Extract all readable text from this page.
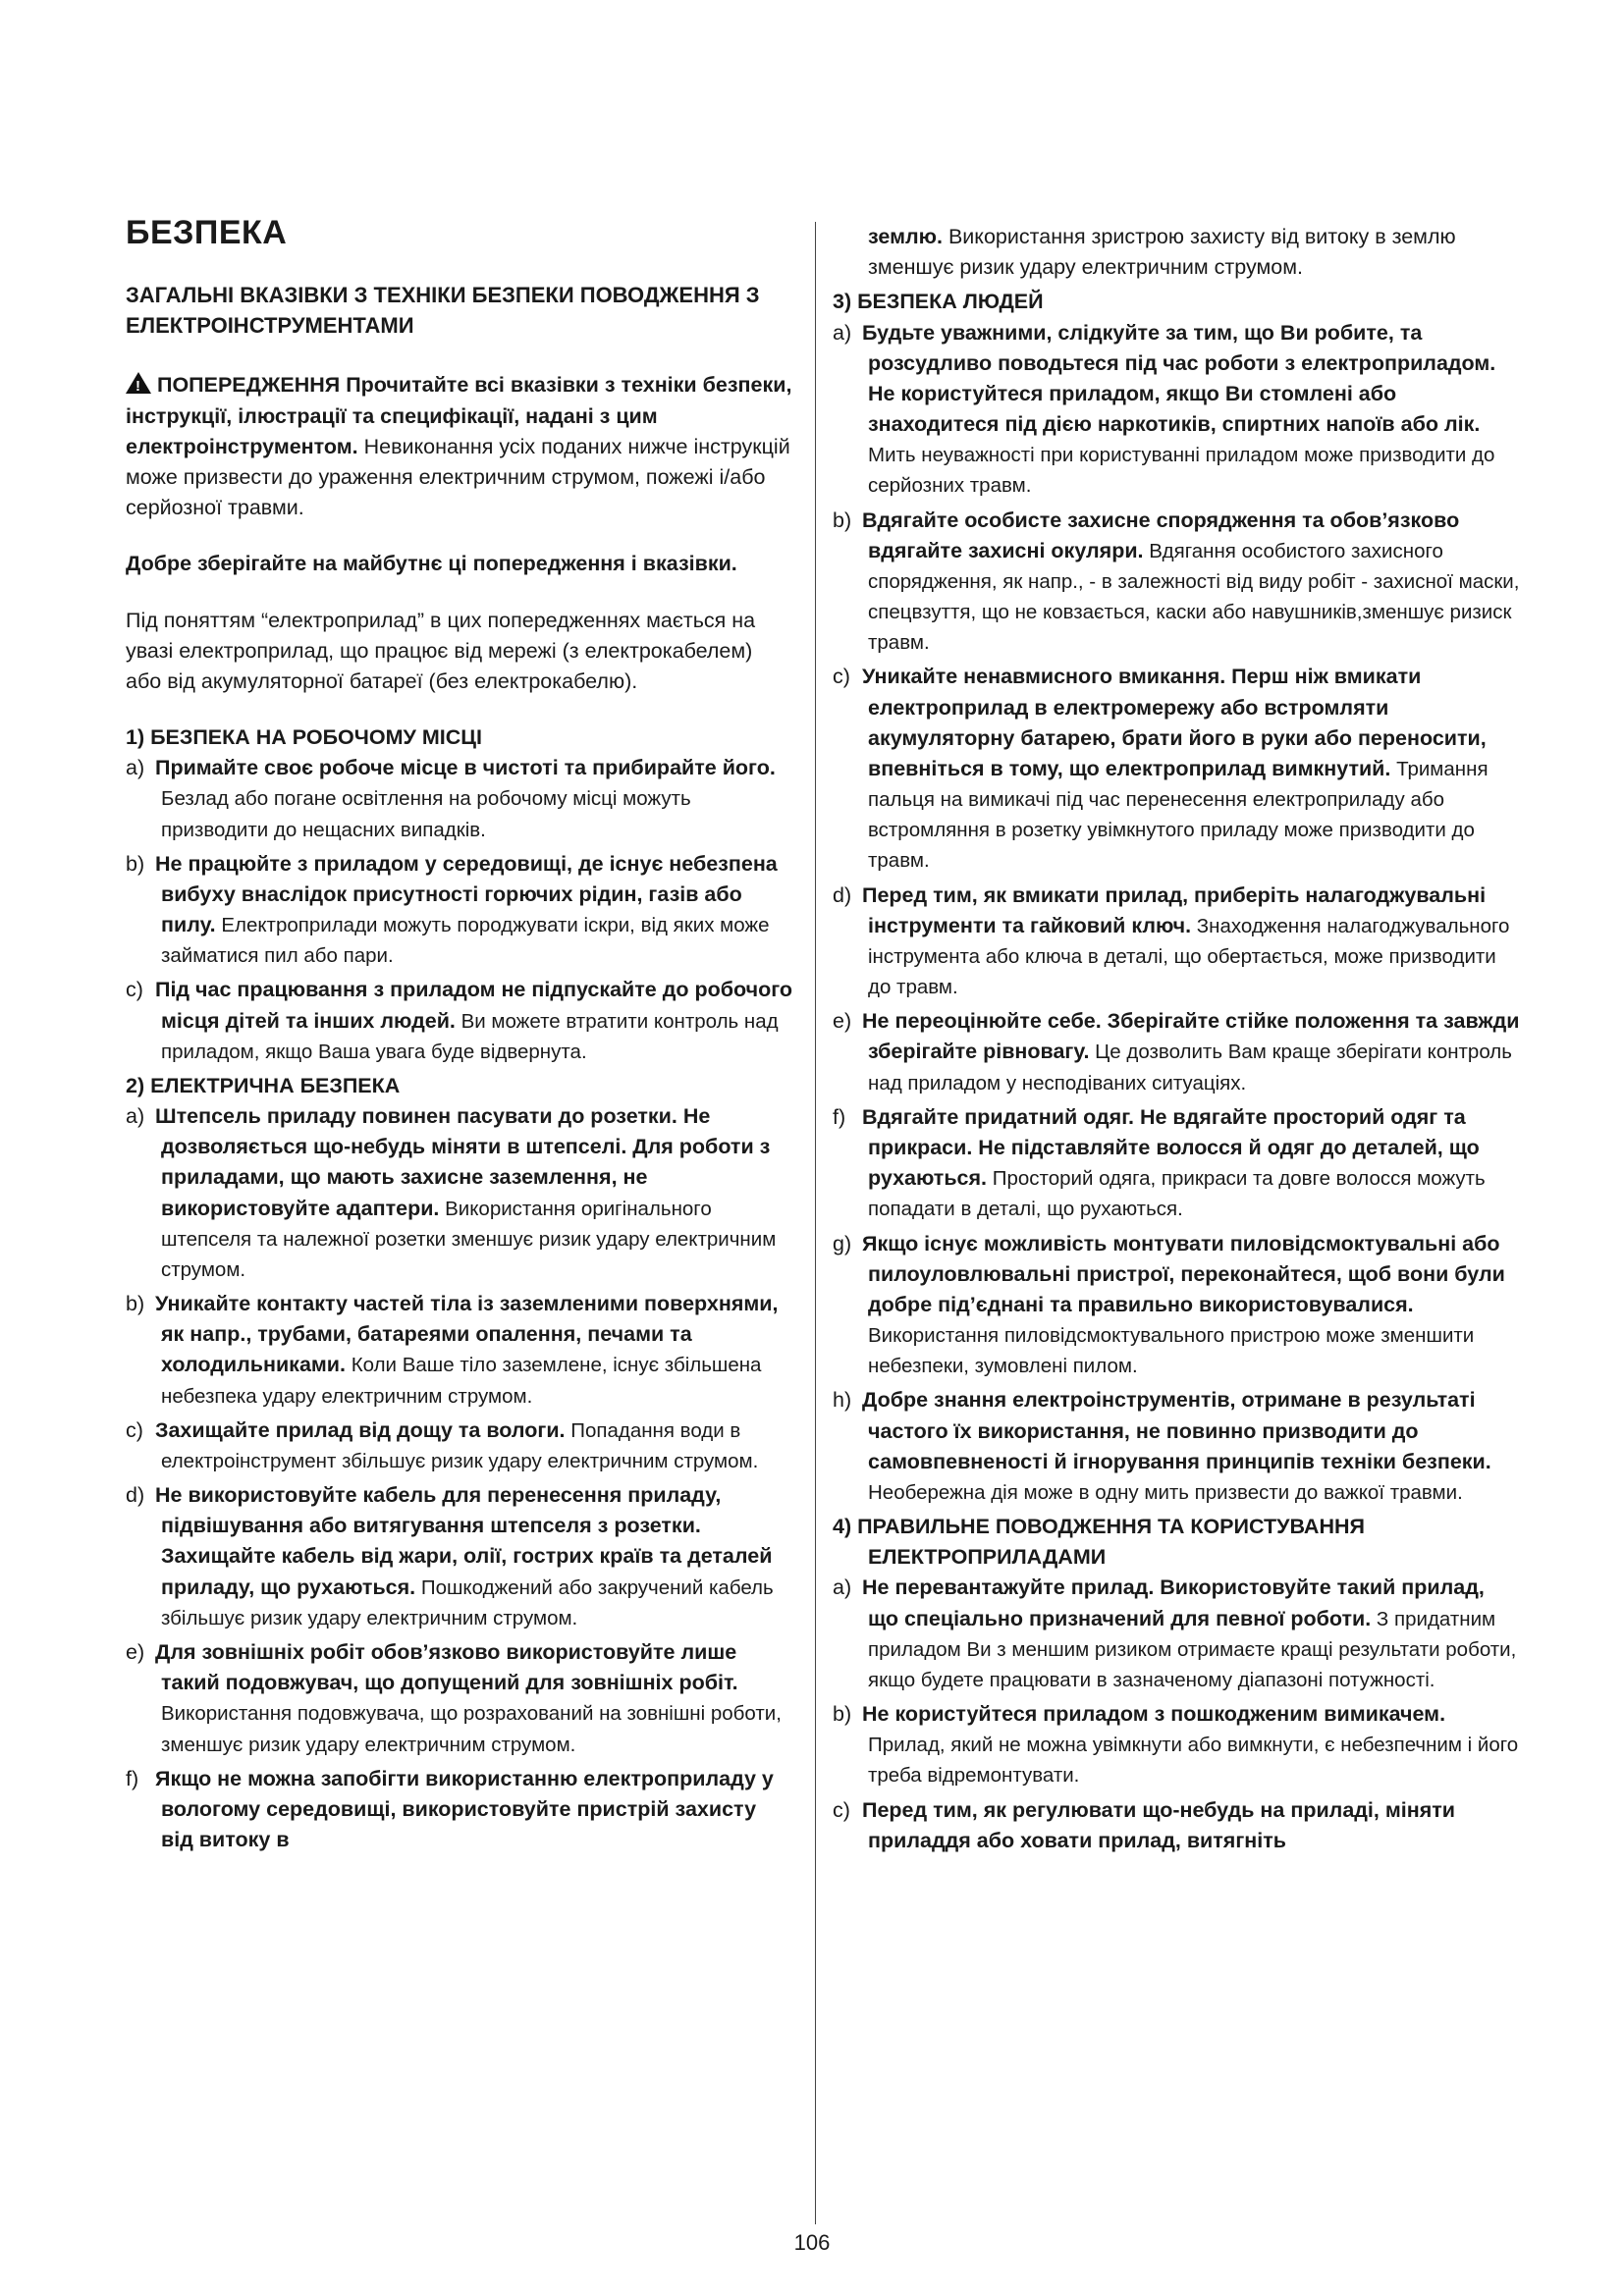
БЕЗПЕКА
ЗАГАЛЬНІ ВКАЗІВКИ З ТЕХНІКИ БЕЗПЕКИ ПОВОДЖЕННЯ З ЕЛЕКТРОІНСТРУМЕНТАМИ

! ПОПЕРЕДЖЕННЯ Прочитайте всі вказівки з техніки безпеки, інструкції, ілюстрації та специфікації, надані з цим електроінструментом. Невиконання усіх поданих нижче інструкцій може призвести до ураження електричним струмом, пожежі і/або серйозної травми.

Добре зберігайте на майбутнє ці попередження і вказівки.

Під поняттям “електроприлад” в цих попередженнях мається на увазі електроприлад, що працює від мережі (з електрокабелем) або від акумуляторної батареї (без електрокабелю).

1) БЕЗПЕКА НА РОБОЧОМУ МІСЦІ

a) Примайте своє робоче місце в чистоті та прибирайте його. Безлад або погане освітлення на робочому місці можуть призводити до нещасних випадків.

b) Не працюйте з приладом у середовищі, де існує небезпена вибуху внаслідок присутності горючих рідин, газів або пилу. Електроприлади можуть породжувати іскри, від яких може займатися пил або пари.

c) Під час працювання з приладом не підпускайте до робочого місця дітей та інших людей. Ви можете втратити контроль над приладом, якщо Ваша увага буде відвернута.

2) ЕЛЕКТРИЧНА БЕЗПЕКА

a) Штепсель приладу повинен пасувати до розетки. Не дозволяється що-небудь міняти в штепселі. Для роботи з приладами, що мають захисне заземлення, не використовуйте адаптери. Використання оригінального штепселя та належної розетки зменшує ризик удару електричним струмом.

b) Уникайте контакту частей тіла із заземленими поверхнями, як напр., трубами, батареями опалення, печами та холодильниками. Коли Ваше тіло заземлене, існує збільшена небезпека удару електричним струмом.

c) Захищайте прилад від дощу та вологи. Попадання води в електроінструмент збільшує ризик удару електричним струмом.

d) Не використовуйте кабель для перенесення приладу, підвішування або витягування штепселя з розетки. Захищайте кабель від жари, олії, гострих країв та деталей приладу, що рухаються. Пошкоджений або закручений кабель збільшує ризик удару електричним струмом.

e) Для зовнішніх робіт обов’язково використовуйте лише такий подовжувач, що допущений для зовнішніх робіт. Використання подовжувача, що розрахований на зовнішні роботи, зменшує ризик удару електричним струмом.

f) Якщо не можна запобігти використанню електроприладу у вологому середовищі, використовуйте пристрій захисту від витоку в

землю. Використання зристрою захисту від витоку в землю зменшує ризик удару електричним струмом.

3) БЕЗПЕКА ЛЮДЕЙ

a) Будьте уважними, слідкуйте за тим, що Ви робите, та розсудливо поводьтеся під час роботи з електроприладом. Не користуйтеся приладом, якщо Ви стомлені або знаходитеся під дією наркотиків, спиртних напоїв або лік. Мить неуважності при користуванні приладом може призводити до серйозних травм.

b) Вдягайте особисте захисне спорядження та обов’язково вдягайте захисні окуляри. Вдягання особистого захисного спорядження, як напр., - в залежності від виду робіт - захисної маски, спецвзуття, що не ковзається, каски або навушників,зменшує ризиск травм.

c) Уникайте ненавмисного вмикання. Перш ніж вмикати електроприлад в електромережу або встромляти акумуляторну батарею, брати його в руки або переносити, впевніться в тому, що електроприлад вимкнутий. Тримання пальця на вимикачі під час перенесення електроприладу або встромляння в розетку увімкнутого приладу може призводити до травм.

d) Перед тим, як вмикати прилад, приберіть налагоджувальні інструменти та гайковий ключ. Знаходження налагоджувального інструмента або ключа в деталі, що обертається, може призводити до травм.

e) Не переоцінюйте себе. Зберігайте стійке положення та завжди зберігайте рівновагу. Це дозволить Вам краще зберігати контроль над приладом у несподіваних ситуаціях.

f) Вдягайте придатний одяг. Не вдягайте просторий одяг та прикраси. Не підставляйте волосся й одяг до деталей, що рухаються. Просторий одяга, прикраси та довге волосся можуть попадати в деталі, що рухаються.

g) Якщо існує можливість монтувати пиловідсмоктувальні або пилоуловлювальні пристрої, переконайтеся, щоб вони були добре під’єднані та правильно використовувалися. Використання пиловідсмоктувального пристрою може зменшити небезпеки, зумовлені пилом.

h) Добре знання електроінструментів, отримане в результаті частого їх використання, не повинно призводити до самовпевненості й ігнорування принципів техніки безпеки. Необережна дія може в одну мить призвести до важкої травми.

4) ПРАВИЛЬНЕ ПОВОДЖЕННЯ ТА КОРИСТУВАННЯ ЕЛЕКТРОПРИЛАДАМИ

a) Не перевантажуйте прилад. Використовуйте такий прилад, що спеціально призначений для певної роботи. З придатним приладом Ви з меншим ризиком отримаєте кращі результати роботи, якщо будете працювати в зазначеному діапазоні потужності.

b) Не користуйтеся приладом з пошкодженим вимикачем. Прилад, який не можна увімкнути або вимкнути, є небезпечним і його треба відремонтувати.

c) Перед тим, як регулювати що-небудь на приладі, міняти приладдя або ховати прилад, витягніть

106
